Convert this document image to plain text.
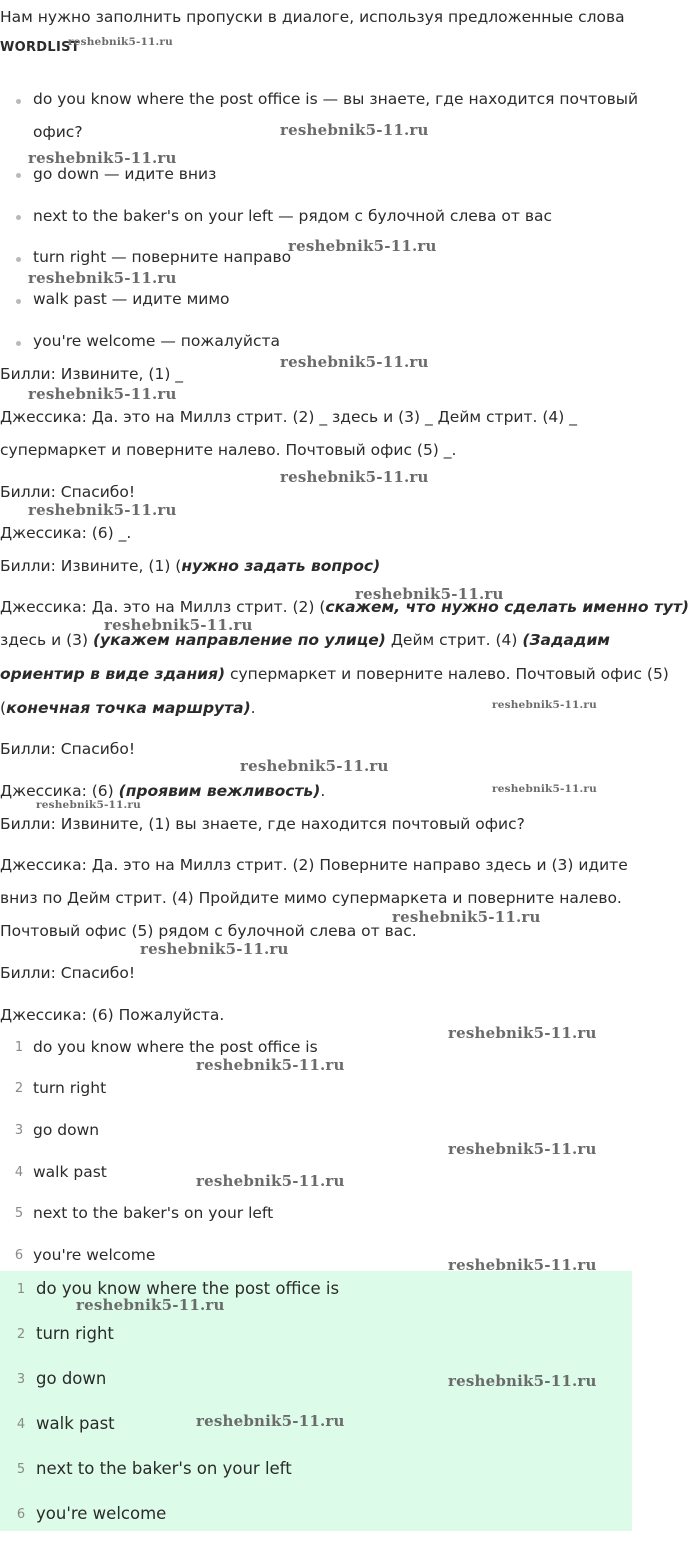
Нам нужно заполнить пропуски в диалоге, используя предложенные слова
WORDLIST
reshebnik5-11.ru
do you know where the post office is — вы знаете, где находится почтовый
офис?	reshebnik5-11.ru
reshebnik5-11.ru
go down — идите вниз
next to the baker's on your left — рядом с булочной слева от вас
turn right — поверните направо
reshebnik5-11.ru
reshebnik5-11.ru
walk past — идите мимо
you're welcome — пожалуйста
Билли: Извините, (1) _
reshebnik5-11.ru
reshebnik5-11.ru
Джессика: Да. это на Миллз стрит. (2) _ здесь и (3) _ Дейм стрит. (4) _
супермаркет и поверните налево. Почтовый офис (5) _.
reshebnik5-11.ru
Билли: Спасибо!
reshebnik5-11.ru
Джессика: (6) _.
Билли: Извините, (1) (нужно задать вопрос)
reshebnik5-11.ru
Джессика: Да. это на Миллз стрит. (2) (скажем, что нужно сделать именно тут)
reshebnik5-11.ru
здесь и (3) (укажем направление по улице) Дейм стрит. (4) (Зададим
ориентир в виде здания) супермаркет и поверните налево. Почтовый офис (5)
(конечная точка маршрута).	reshebnik5-11.ru
Билли: Спасибо!
reshebnik5-11.ru
Джессика: (6) (проявим вежливость).	reshebnik5-11.ru
reshebnik5-11.ru
Билли: Извините, (1) вы знаете, где находится почтовый офис?
Джессика: Да. это на Миллз стрит. (2) Поверните направо здесь и (3) идите
вниз по Дейм стрит. (4) Пройдите мимо супермаркета и поверните налево.
reshebnik5-11.ru
Почтовый офис (5) рядом с булочной слева от вас.
reshebnik5-11.ru
Билли: Спасибо!
Джессика: (6) Пожалуйста.
reshebnik5-11.ru
1 do you know where the post office is
reshebnik5-11.ru
2 turn right
3 go down
reshebnik5-11.ru
4 walk past	reshebnik5-11.ru
5 next to the baker's on your left
6 you're welcome
reshebnik5-11.ru
1 do you know where the post office is
reshebnik5-11.ru
2 turn right
3 go down	reshebnik5-11.ru
4 walk past	reshebnik5-11.ru
5 next to the baker's on your left
6 you're welcome
